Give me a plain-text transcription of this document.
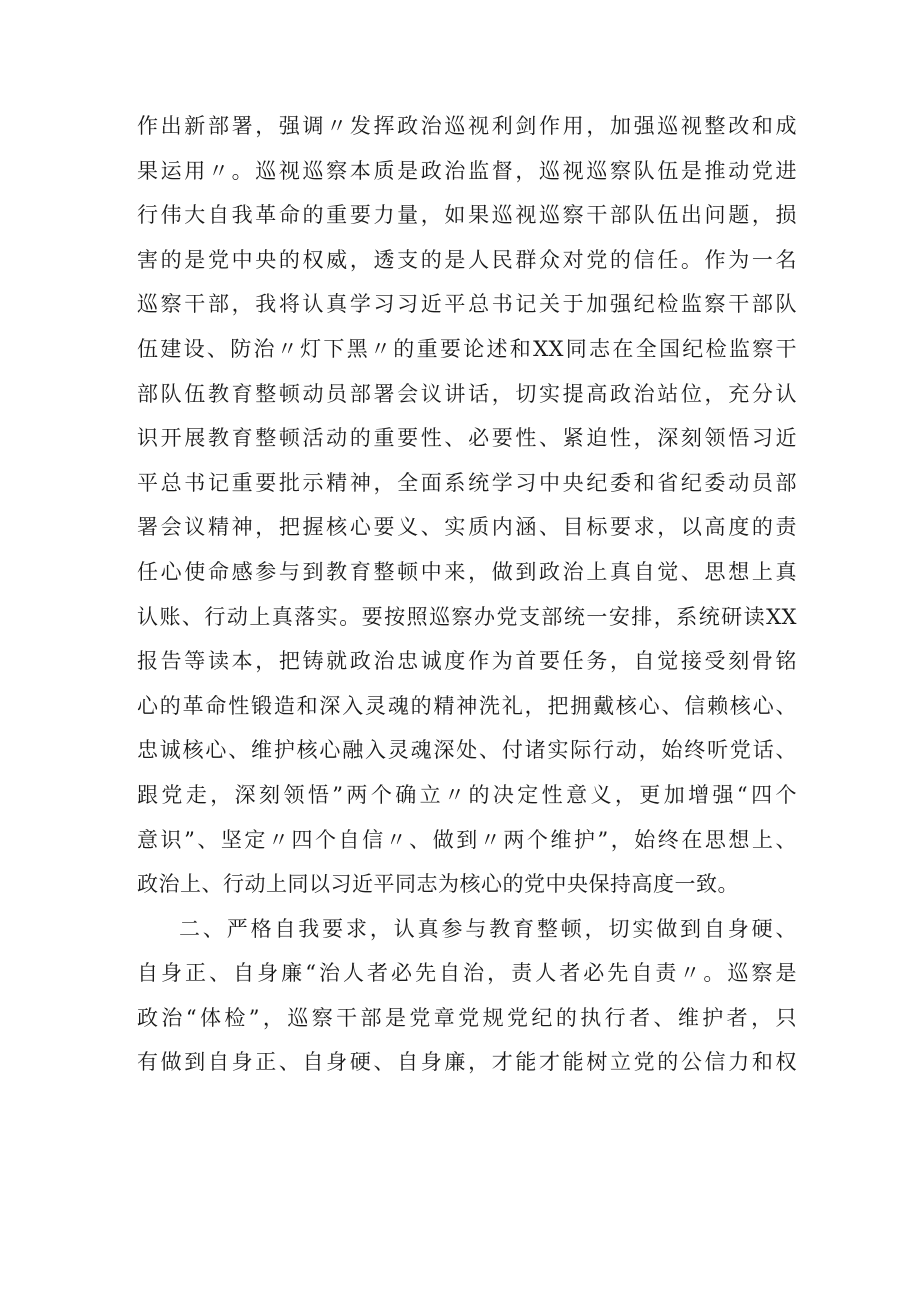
作出新部署，强调〃发挥政治巡视利剑作用，加强巡视整改和成
果运用〃。巡视巡察本质是政治监督，巡视巡察队伍是推动党进
行伟大自我革命的重要力量，如果巡视巡察干部队伍出问题，损
害的是党中央的权威，透支的是人民群众对党的信任。作为一名
巡察干部，我将认真学习习近平总书记关于加强纪检监察干部队
伍建设、防治〃灯下黑〃的重要论述和XX同志在全国纪检监察干
部队伍教育整顿动员部署会议讲话，切实提高政治站位，充分认
识开展教育整顿活动的重要性、必要性、紧迫性，深刻领悟习近
平总书记重要批示精神，全面系统学习中央纪委和省纪委动员部
署会议精神，把握核心要义、实质内涵、目标要求，以高度的责
任心使命感参与到教育整顿中来，做到政治上真自觉、思想上真
认账、行动上真落实。要按照巡察办党支部统一安排，系统研读XX
报告等读本，把铸就政治忠诚度作为首要任务，自觉接受刻骨铭
心的革命性锻造和深入灵魂的精神洗礼，把拥戴核心、信赖核心、
忠诚核心、维护核心融入灵魂深处、付诸实际行动，始终听党话、
跟党走，深刻领悟”两个确立〃的决定性意义，更加增强“四个
意识”、坚定〃四个自信〃、做到〃两个维护”，始终在思想上、
政治上、行动上同以习近平同志为核心的党中央保持高度一致。
二、严格自我要求，认真参与教育整顿，切实做到自身硬、
自身正、自身廉“治人者必先自治，责人者必先自责〃。巡察是
政治“体检”，巡察干部是党章党规党纪的执行者、维护者，只
有做到自身正、自身硬、自身廉，才能才能树立党的公信力和权
